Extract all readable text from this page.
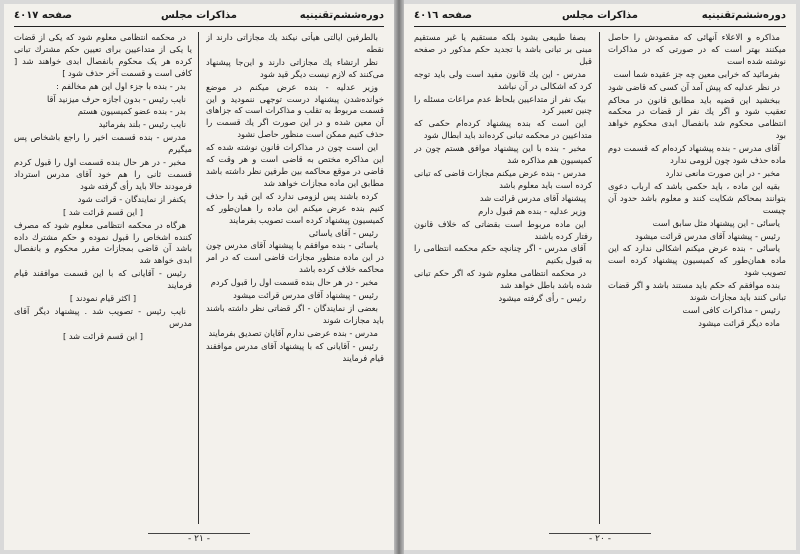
دوره‌ششم‌تقنینیه
مذاکرات مجلس
صفحه ٤٠١٧

بالطرفین ایالتی هیأتی نیکند یك مجازاتی دارند از نقطه

نظر ارتشاء یك مجازاتی دارند و این‌جا پیشنهاد می‌کنند که لازم نیست دیگر قید شود

وزیر عدلیه - بنده عرض میکنم در موضع خوانده‌شدن پیشنهاد درست توجهی ننمودید و این قسمت مربوط به تقلب و مذاکرات است که جزاهای آن معین شده و در این صورت اگر یك قسمت را حذف کنیم ممکن است منظور حاصل نشود

این است چون در مذاکرات قانون نوشته شده که این مذاکره مختص به قاضی است و هر وقت که قاضی در موقع محاکمه بین طرفین نظر داشته باشد مطابق این ماده مجازات خواهد شد

کرده باشند پس لزومی ندارد که این قید را حذف کنیم بنده عرض میکنم این ماده را همان‌طور که کمیسیون پیشنهاد کرده است تصویب بفرمایند

رئیس - آقای یاسائی

یاسائی - بنده موافقم با پیشنهاد آقای مدرس چون در این ماده منظور مجازات قاضی است که در امر محاکمه خلاف کرده باشد

مخبر - در هر حال بنده قسمت اول را قبول کردم

رئیس - پیشنهاد آقای مدرس قرائت میشود

بعضی از نمایندگان - اگر قضاتی نظر داشته باشند باید مجازات شوند

مدرس - بنده عرضی ندارم آقایان تصدیق بفرمایند

رئیس - آقایانی که با پیشنهاد آقای مدرس موافقند قیام فرمایند

در محکمه انتظامی معلوم شود که یکی از قضات یا یکی از متداعیین برای تعیین حکم مشترك تبانی کرده هر یک محکوم بانفصال ابدی خواهند شد [ کافی است و قسمت آخر حذف شود ]

بدر - بنده با جزء اول این هم مخالفم :

نایب رئیس - بدون اجازه حرف میزنید آقا

بدر - بنده عضو کمیسیون هستم

نایب رئیس - بلند بفرمائید

مدرس - بنده قسمت اخیر را راجع باشخاص پس میگیرم

مخبر - در هر حال بنده قسمت اول را قبول کردم قسمت ثانی را هم خود آقای مدرس استرداد فرمودند حالا باید رأی گرفته شود

یکنفر از نمایندگان - قرائت شود

[ این قسم قرائت شد ]

هرگاه در محکمه انتظامی معلوم شود که مصرف کننده اشخاص را قبول نموده و حکم مشترك داده باشد آن قاضی بمجازات مقرر محکوم و بانفصال ابدی خواهد شد

رئیس - آقایانی که با این قسمت موافقند قیام فرمایند

[ اکثر قیام نمودند ]

نایب رئیس - تصویب شد . پیشنهاد دیگر آقای مدرس

[ این قسم قرائت شد ]

- ۲۱ -
دوره‌ششم‌تقنینیه
مذاکرات مجلس
صفحه ٤٠١٦

مذاکره و الاعلاء آنهائی که مقصودش را حاصل میکنند بهتر است که در صورتی که در مذاکرات نوشته شده است

بفرمائید که خرابی معین چه جز عقیده شما است

در نظر عدلیه که پیش آمد آن کسی که قاضی شود

ببخشید این قضیه باید مطابق قانون در محاکم تعقیب شود و اگر یك نفر از قضات در محکمه انتظامی محکوم شد بانفصال ابدی محکوم خواهد بود

آقای مدرس - بنده پیشنهاد کرده‌ام که قسمت دوم ماده حذف شود چون لزومی ندارد

مخبر - در این صورت مانعی ندارد

بقیه این ماده ، باید حکمی باشد که ارباب دعوی بتوانند بمحاکم شکایت کنند و معلوم باشد حدود آن چیست

یاسائی - این پیشنهاد مثل سابق است

رئیس - پیشنهاد آقای مدرس قرائت میشود

یاسائی - بنده عرض میکنم اشکالی ندارد که این ماده همان‌طور که کمیسیون پیشنهاد کرده است تصویب شود

بنده موافقم که حکم باید مستند باشد و اگر قضات تبانی کنند باید مجازات شوند

رئیس - مذاکرات کافی است

ماده دیگر قرائت میشود

بصفا طبیعی بشود بلکه مستقیم یا غیر مستقیم مبنی بر تبانی باشد با تجدید حکم مذکور در صفحه قبل

مدرس - این یك قانون مفید است ولی باید توجه کرد که اشکالی در آن نباشد

بیک نفر از متداعیین بلحاظ عدم مراعات مسئله را چنین تعبیر کرد

این است که بنده پیشنهاد کرده‌ام حکمی که متداعیین در محکمه تبانی کرده‌اند باید ابطال شود

مخبر - بنده با این پیشنهاد موافق هستم چون در کمیسیون هم مذاکره شد

مدرس - بنده عرض میکنم مجازات قاضی که تبانی کرده است باید معلوم باشد

پیشنهاد آقای مدرس قرائت شد

وزیر عدلیه - بنده هم قبول دارم

این ماده مربوط است بقضاتی که خلاف قانون رفتار کرده باشند

آقای مدرس - اگر چنانچه حکم محکمه انتظامی را به قبول بکنیم

در محکمه انتظامی معلوم شود که اگر حکم تبانی شده باشد باطل خواهد شد

رئیس - رأی گرفته میشود

- ۲۰ -
